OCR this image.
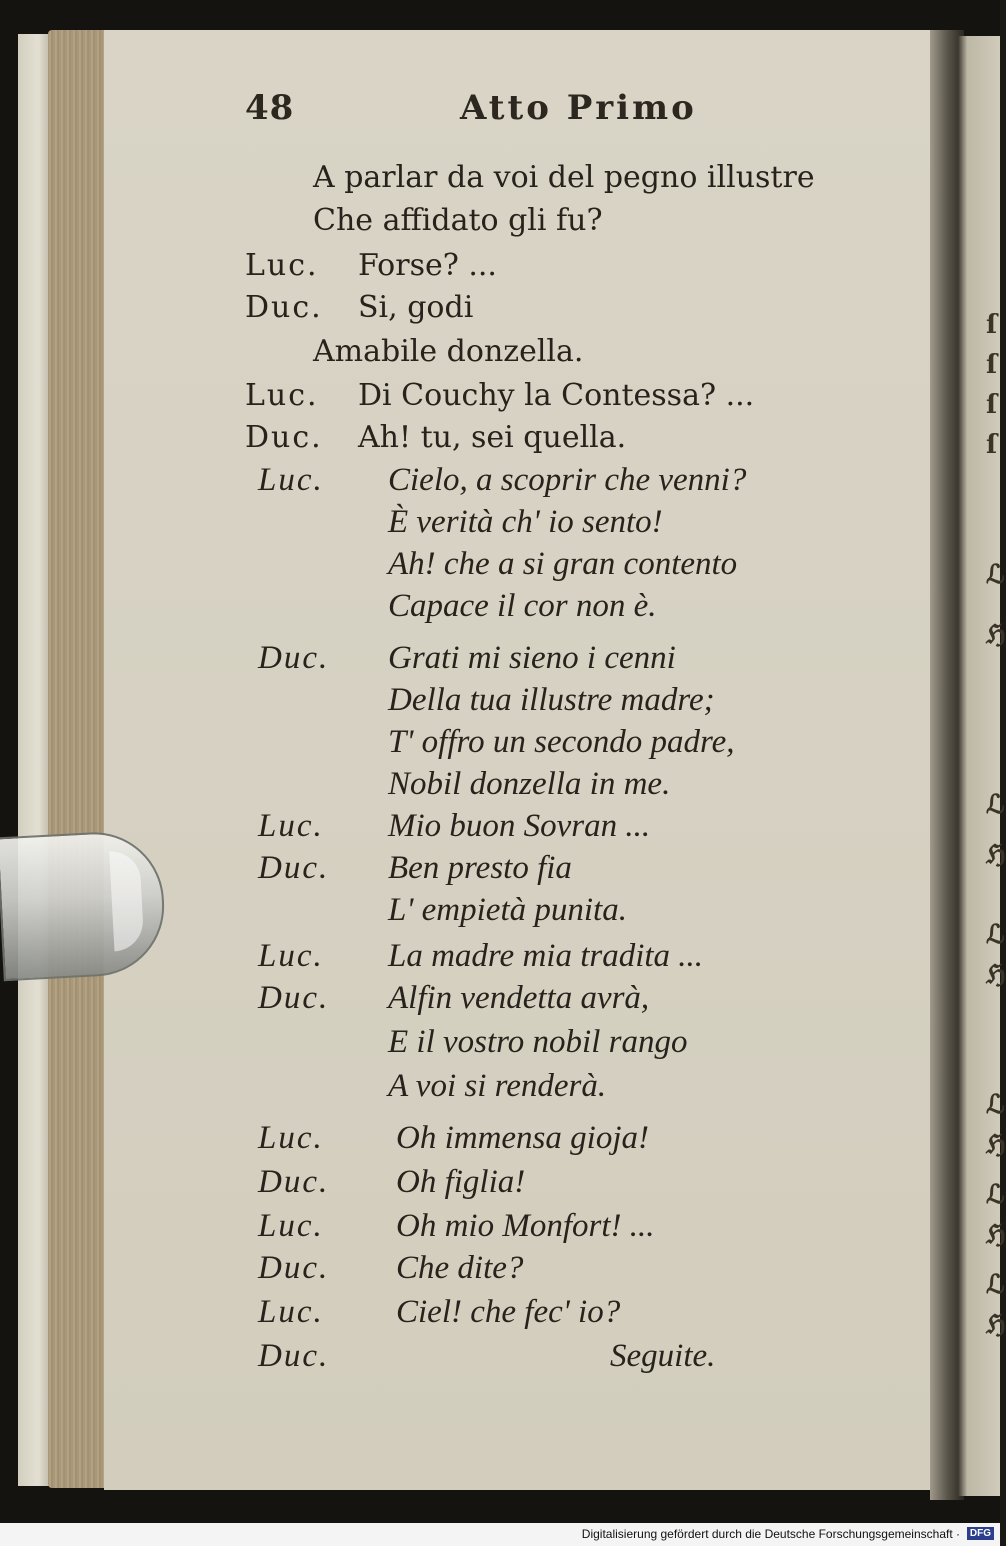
ſ
ſ
ſ
ſ
ℒ
ℌ
ℒ
ℌ
ℒ
ℌ
ℒ
ℌ
ℒ
ℌ
ℒ
ℌ
48	Atto Primo
A parlar da voi del pegno illustre
Che affidato gli fu?
Luc. Forse? ...
Duc. Si, godi
Amabile donzella.
Luc. Di Couchy la Contessa? ...
Duc. Ah! tu, sei quella.
Luc. Cielo, a scoprir che venni?
È verità ch' io sento!
Ah! che a si gran contento
Capace il cor non è.
Duc. Grati mi sieno i cenni
Della tua illustre madre;
T' offro un secondo padre,
Nobil donzella in me.
Luc. Mio buon Sovran ...
Duc. Ben presto fia
L' empietà punita.
Luc. La madre mia tradita ...
Duc. Alfin vendetta avrà,
E il vostro nobil rango
A voi si renderà.
Luc. Oh immensa gioja!
Duc. Oh figlia!
Luc. Oh mio Monfort! ...
Duc. Che dite?
Luc. Ciel! che fec' io?
Duc.	Seguite.
Digitalisierung gefördert durch die Deutsche Forschungsgemeinschaft · DFG
